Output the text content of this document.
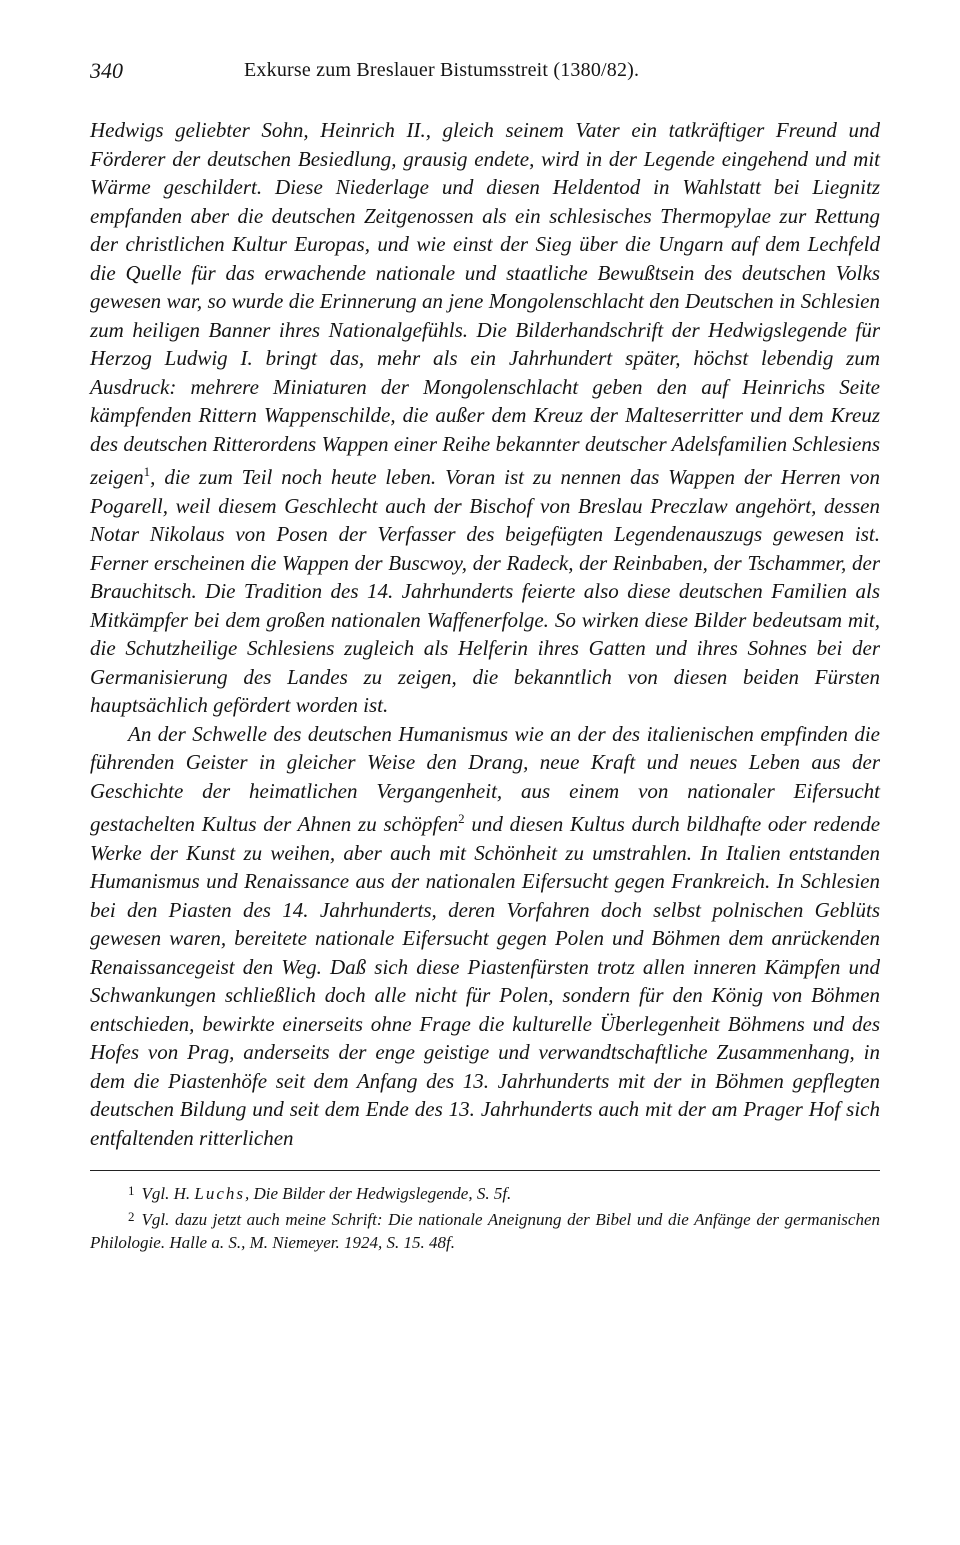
340	Exkurse zum Breslauer Bistumsstreit (1380/82).

Hedwigs geliebter Sohn, Heinrich II., gleich seinem Vater ein tatkräftiger Freund und Förderer der deutschen Besiedlung, grausig endete, wird in der Legende eingehend und mit Wärme geschildert. Diese Niederlage und diesen Heldentod in Wahlstatt bei Liegnitz empfanden aber die deutschen Zeitgenossen als ein schlesisches Thermopylae zur Rettung der christlichen Kultur Europas, und wie einst der Sieg über die Ungarn auf dem Lechfeld die Quelle für das erwachende nationale und staatliche Bewußtsein des deutschen Volks gewesen war, so wurde die Erinnerung an jene Mongolenschlacht den Deutschen in Schlesien zum heiligen Banner ihres Nationalgefühls. Die Bilderhandschrift der Hedwigslegende für Herzog Ludwig I. bringt das, mehr als ein Jahrhundert später, höchst lebendig zum Ausdruck: mehrere Miniaturen der Mongolenschlacht geben den auf Heinrichs Seite kämpfenden Rittern Wappenschilde, die außer dem Kreuz der Malteserritter und dem Kreuz des deutschen Ritterordens Wappen einer Reihe bekannter deutscher Adelsfamilien Schlesiens zeigen$^1$, die zum Teil noch heute leben. Voran ist zu nennen das Wappen der Herren von Pogarell, weil diesem Geschlecht auch der Bischof von Breslau Preczlaw angehört, dessen Notar Nikolaus von Posen der Verfasser des beigefügten Legendenauszugs gewesen ist. Ferner erscheinen die Wappen der Buscwoy, der Radeck, der Reinbaben, der Tschammer, der Brauchitsch. Die Tradition des 14. Jahrhunderts feierte also diese deutschen Familien als Mitkämpfer bei dem großen nationalen Waffenerfolge. So wirken diese Bilder bedeutsam mit, die Schutzheilige Schlesiens zugleich als Helferin ihres Gatten und ihres Sohnes bei der Germanisierung des Landes zu zeigen, die bekanntlich von diesen beiden Fürsten hauptsächlich gefördert worden ist.

An der Schwelle des deutschen Humanismus wie an der des italienischen empfinden die führenden Geister in gleicher Weise den Drang, neue Kraft und neues Leben aus der Geschichte der heimatlichen Vergangenheit, aus einem von nationaler Eifersucht gestachelten Kultus der Ahnen zu schöpfen$^2$ und diesen Kultus durch bildhafte oder redende Werke der Kunst zu weihen, aber auch mit Schönheit zu umstrahlen. In Italien entstanden Humanismus und Renaissance aus der nationalen Eifersucht gegen Frankreich. In Schlesien bei den Piasten des 14. Jahrhunderts, deren Vorfahren doch selbst polnischen Geblüts gewesen waren, bereitete nationale Eifersucht gegen Polen und Böhmen dem anrückenden Renaissancegeist den Weg. Daß sich diese Piastenfürsten trotz allen inneren Kämpfen und Schwankungen schließlich doch alle nicht für Polen, sondern für den König von Böhmen entschieden, bewirkte einerseits ohne Frage die kulturelle Überlegenheit Böhmens und des Hofes von Prag, anderseits der enge geistige und verwandtschaftliche Zusammenhang, in dem die Piastenhöfe seit dem Anfang des 13. Jahrhunderts mit der in Böhmen gepflegten deutschen Bildung und seit dem Ende des 13. Jahrhunderts auch mit der am Prager Hof sich entfaltenden ritterlichen

$^1$ Vgl. H. Luchs, Die Bilder der Hedwigslegende, S. 5f.

$^2$ Vgl. dazu jetzt auch meine Schrift: Die nationale Aneignung der Bibel und die Anfänge der germanischen Philologie. Halle a. S., M. Niemeyer. 1924, S. 15. 48f.
